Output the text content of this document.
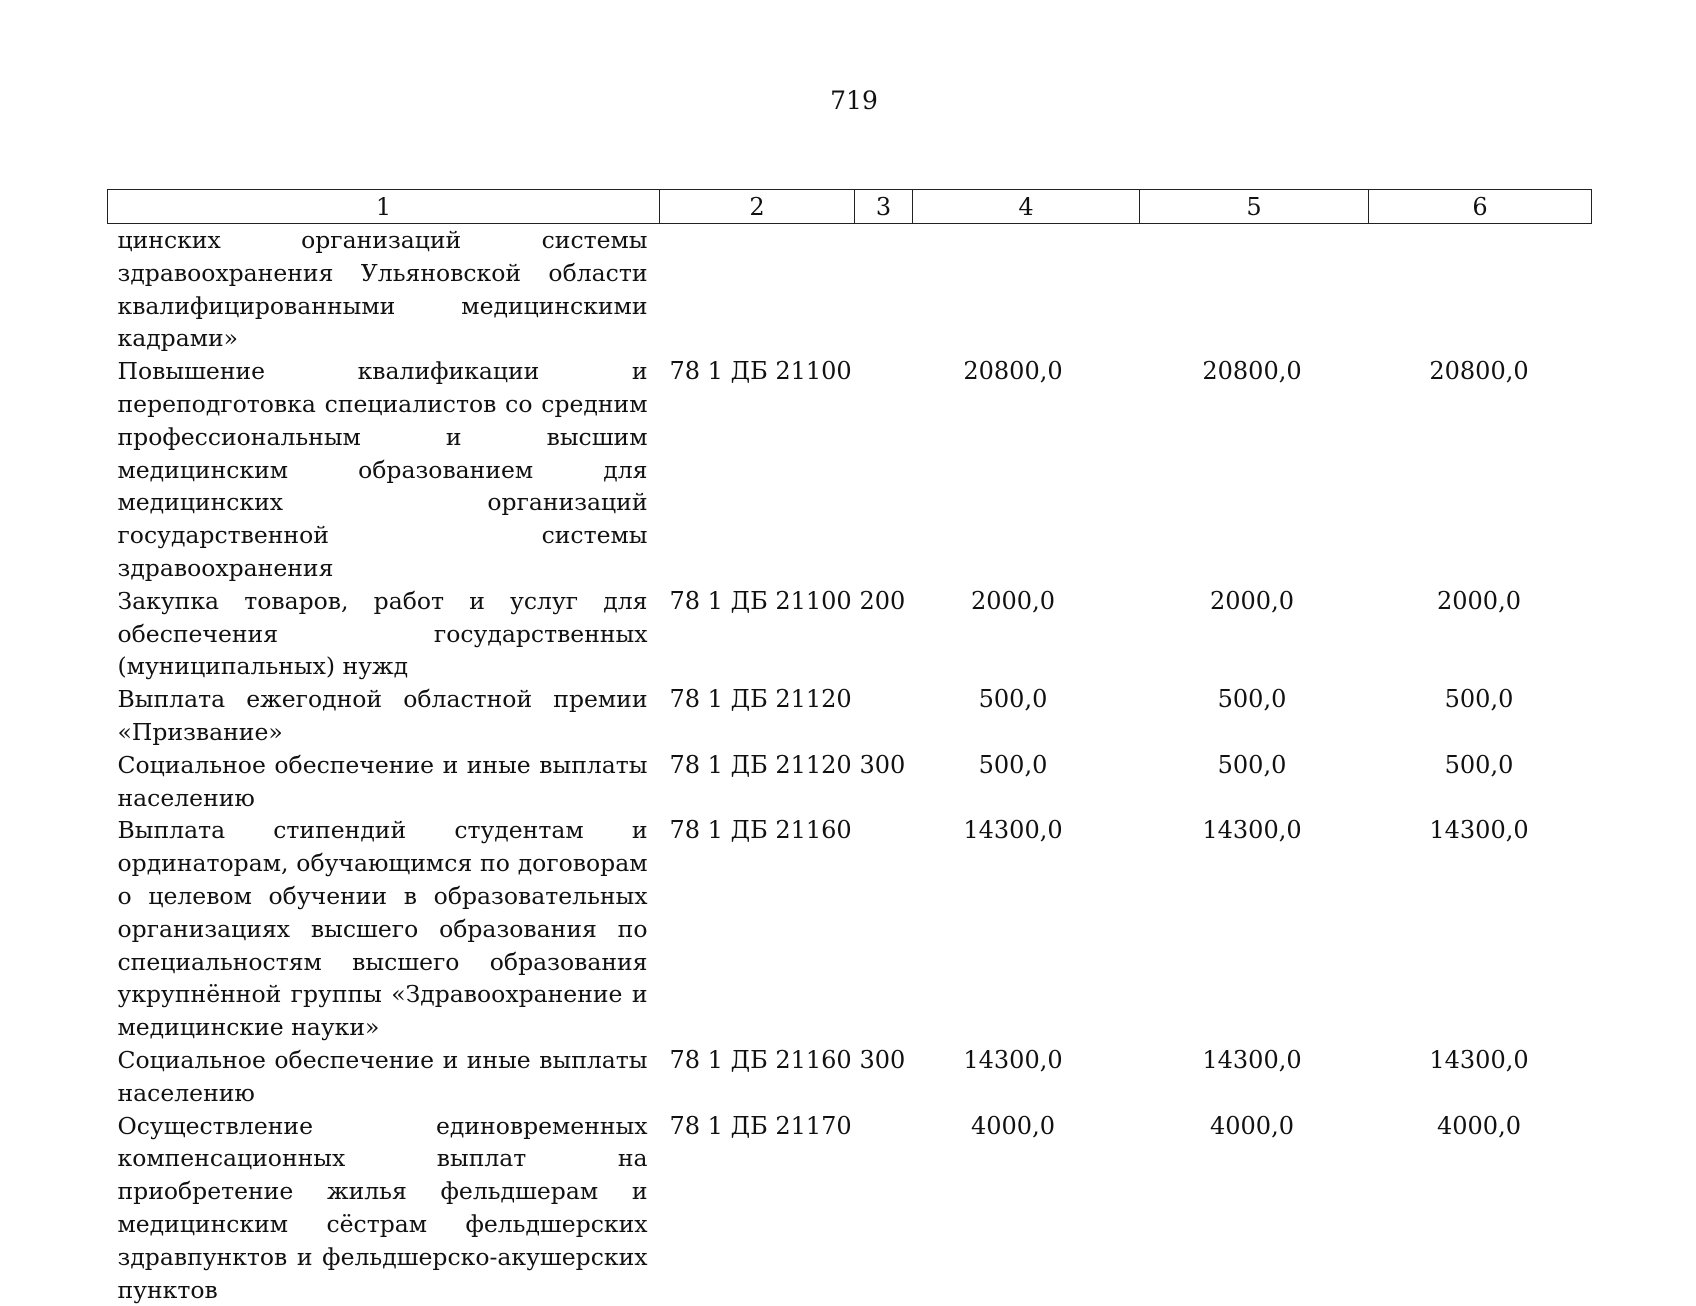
719
1	2	3	4	5	6
цинских организаций системы здравоохранения Ульяновской области квалифицированными медицинскими кадрами»					
Повышение квалификации и переподготовка специалистов со средним профессиональным и высшим медицинским образованием для медицинских организаций государственной системы здравоохранения	78 1 ДБ 21100		20800,0	20800,0	20800,0
Закупка товаров, работ и услуг для обеспечения государственных (муниципальных) нужд	78 1 ДБ 21100	200	2000,0	2000,0	2000,0
Выплата ежегодной областной премии «Призвание»	78 1 ДБ 21120		500,0	500,0	500,0
Социальное обеспечение и иные выплаты населению	78 1 ДБ 21120	300	500,0	500,0	500,0
Выплата стипендий студентам и ординаторам, обучающимся по договорам о целевом обучении в образовательных организациях высшего образования по специальностям высшего образования укрупнённой группы «Здравоохранение и медицинские науки»	78 1 ДБ 21160		14300,0	14300,0	14300,0
Социальное обеспечение и иные выплаты населению	78 1 ДБ 21160	300	14300,0	14300,0	14300,0
Осуществление единовременных компенсационных выплат на приобретение жилья фельдшерам и медицинским сёстрам фельдшерских здравпунктов и фельдшерско-акушерских пунктов	78 1 ДБ 21170		4000,0	4000,0	4000,0
